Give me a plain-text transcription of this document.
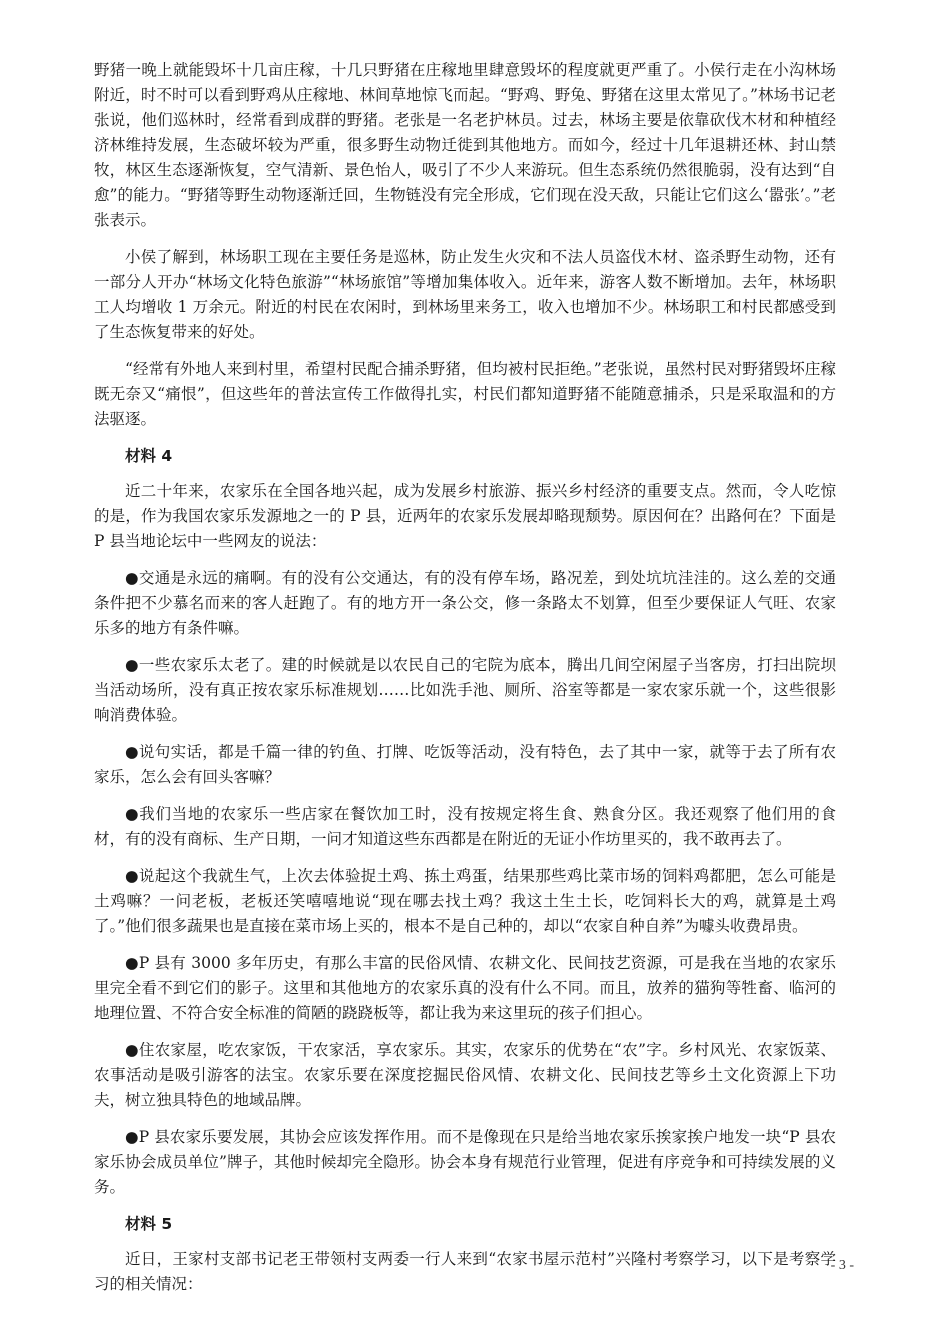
野猪一晚上就能毁坏十几亩庄稼，十几只野猪在庄稼地里肆意毁坏的程度就更严重了。小侯行走在小沟林场附近，时不时可以看到野鸡从庄稼地、林间草地惊飞而起。“野鸡、野兔、野猪在这里太常见了。”林场书记老张说，他们巡林时，经常看到成群的野猪。老张是一名老护林员。过去，林场主要是依靠砍伐木材和种植经济林维持发展，生态破坏较为严重，很多野生动物迁徙到其他地方。而如今，经过十几年退耕还林、封山禁牧，林区生态逐渐恢复，空气清新、景色怡人，吸引了不少人来游玩。但生态系统仍然很脆弱，没有达到“自愈”的能力。“野猪等野生动物逐渐迁回，生物链没有完全形成，它们现在没天敌，只能让它们这么‘嚣张’。”老张表示。

小侯了解到，林场职工现在主要任务是巡林，防止发生火灾和不法人员盗伐木材、盗杀野生动物，还有一部分人开办“林场文化特色旅游”“林场旅馆”等增加集体收入。近年来，游客人数不断增加。去年，林场职工人均增收 1 万余元。附近的村民在农闲时，到林场里来务工，收入也增加不少。林场职工和村民都感受到了生态恢复带来的好处。

“经常有外地人来到村里，希望村民配合捕杀野猪，但均被村民拒绝。”老张说，虽然村民对野猪毁坏庄稼既无奈又“痛恨”，但这些年的普法宣传工作做得扎实，村民们都知道野猪不能随意捕杀，只是采取温和的方法驱逐。

材料 4

近二十年来，农家乐在全国各地兴起，成为发展乡村旅游、振兴乡村经济的重要支点。然而，令人吃惊的是，作为我国农家乐发源地之一的 P 县，近两年的农家乐发展却略现颓势。原因何在？出路何在？下面是 P 县当地论坛中一些网友的说法：

●交通是永远的痛啊。有的没有公交通达，有的没有停车场，路况差，到处坑坑洼洼的。这么差的交通条件把不少慕名而来的客人赶跑了。有的地方开一条公交，修一条路太不划算，但至少要保证人气旺、农家乐多的地方有条件嘛。

●一些农家乐太老了。建的时候就是以农民自己的宅院为底本，腾出几间空闲屋子当客房，打扫出院坝当活动场所，没有真正按农家乐标准规划……比如洗手池、厕所、浴室等都是一家农家乐就一个，这些很影响消费体验。

●说句实话，都是千篇一律的钓鱼、打牌、吃饭等活动，没有特色，去了其中一家，就等于去了所有农家乐，怎么会有回头客嘛？

●我们当地的农家乐一些店家在餐饮加工时，没有按规定将生食、熟食分区。我还观察了他们用的食材，有的没有商标、生产日期，一问才知道这些东西都是在附近的无证小作坊里买的，我不敢再去了。

●说起这个我就生气，上次去体验捉土鸡、拣土鸡蛋，结果那些鸡比菜市场的饲料鸡都肥，怎么可能是土鸡嘛？一问老板，老板还笑嘻嘻地说“现在哪去找土鸡？我这土生土长，吃饲料长大的鸡，就算是土鸡了。”他们很多蔬果也是直接在菜市场上买的，根本不是自己种的，却以“农家自种自养”为噱头收费昂贵。

●P 县有 3000 多年历史，有那么丰富的民俗风情、农耕文化、民间技艺资源，可是我在当地的农家乐里完全看不到它们的影子。这里和其他地方的农家乐真的没有什么不同。而且，放养的猫狗等牲畜、临河的地理位置、不符合安全标准的简陋的跷跷板等，都让我为来这里玩的孩子们担心。

●住农家屋，吃农家饭，干农家活，享农家乐。其实，农家乐的优势在“农”字。乡村风光、农家饭菜、农事活动是吸引游客的法宝。农家乐要在深度挖掘民俗风情、农耕文化、民间技艺等乡土文化资源上下功夫，树立独具特色的地域品牌。

●P 县农家乐要发展，其协会应该发挥作用。而不是像现在只是给当地农家乐挨家挨户地发一块“P 县农家乐协会成员单位”牌子，其他时候却完全隐形。协会本身有规范行业管理，促进有序竞争和可持续发展的义务。

材料 5

近日，王家村支部书记老王带领村支两委一行人来到“农家书屋示范村”兴隆村考察学习，以下是考察学习的相关情况：

- 3 -
